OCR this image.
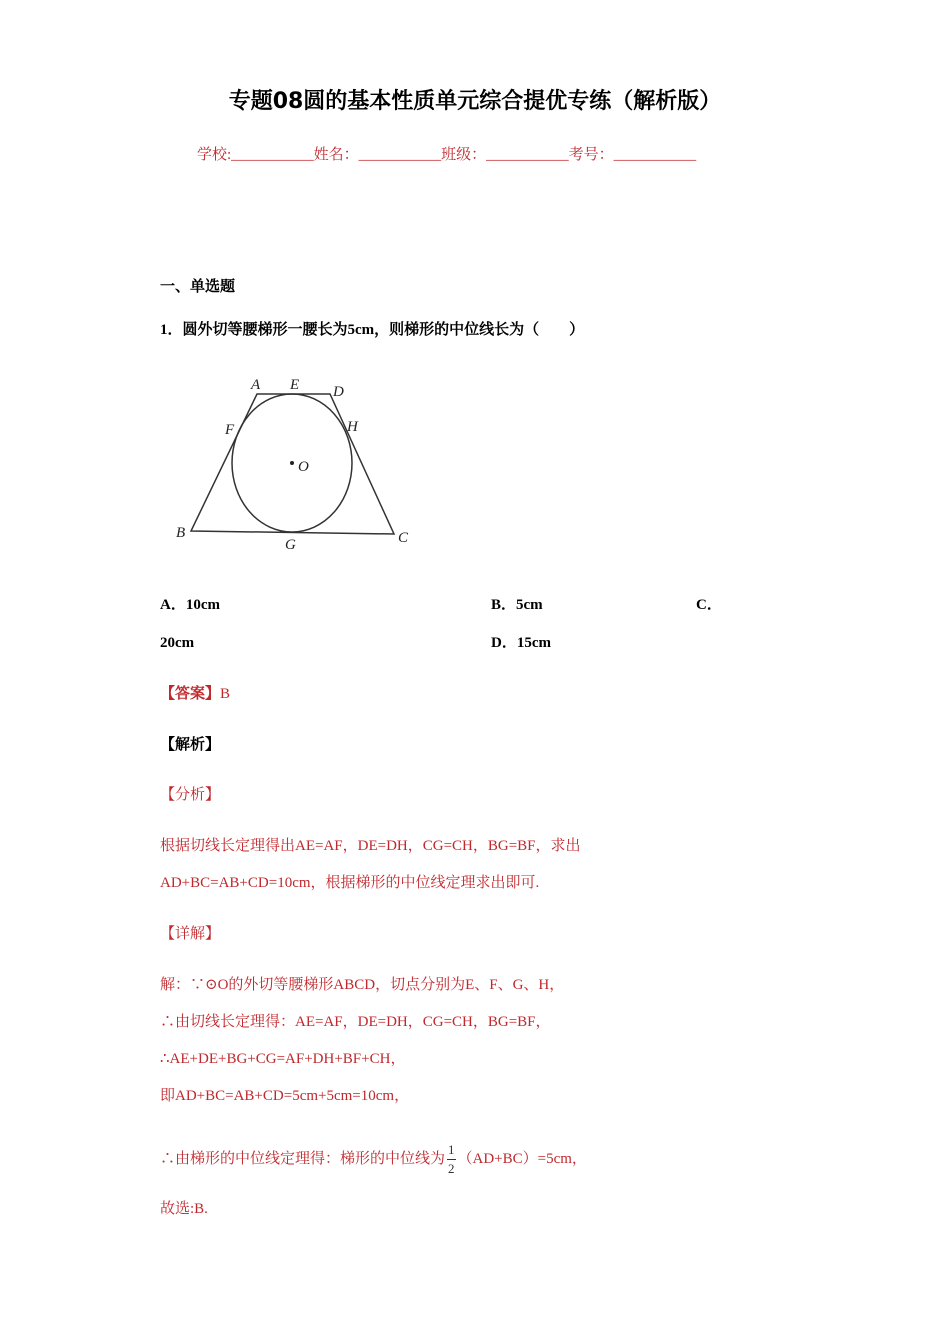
专题08圆的基本性质单元综合提优专练（解析版）
学校:___________姓名：___________班级：___________考号：___________
一、单选题
1．圆外切等腰梯形一腰长为5cm，则梯形的中位线长为（　　）
A E D
F	H
O
B
G	C
A．10cm	B．5cm	C．
20cm	D．15cm
【答案】B
【解析】
【分析】
根据切线长定理得出AE=AF，DE=DH，CG=CH，BG=BF，求出
AD+BC=AB+CD=10cm，根据梯形的中位线定理求出即可.
【详解】
解：∵⊙O的外切等腰梯形ABCD，切点分别为E、F、G、H，
∴由切线长定理得：AE=AF，DE=DH，CG=CH，BG=BF，
∴AE+DE+BG+CG=AF+DH+BF+CH，
即AD+BC=AB+CD=5cm+5cm=10cm，
∴由梯形的中位线定理得：梯形的中位线为 $\frac{1}{2} (AD+BC)=5cm$，
故选:B.
